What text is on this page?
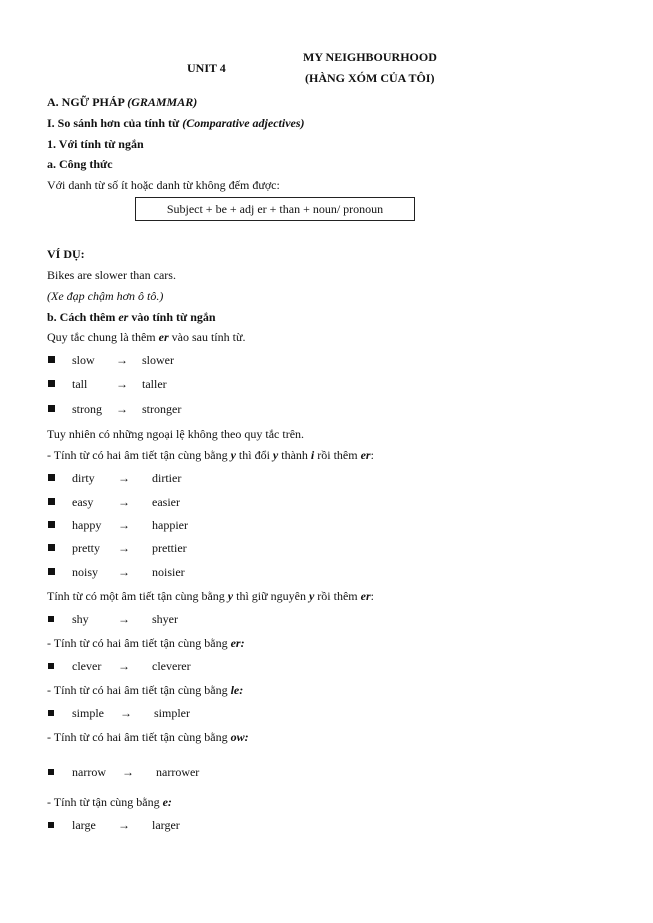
UNIT 4
MY NEIGHBOURHOOD
(HÀNG XÓM CỦA TÔI)
A. NGỮ PHÁP (GRAMMAR)
I. So sánh hơn của tính từ (Comparative adjectives)
1. Với tính từ ngắn
a. Công thức
Với danh từ số ít hoặc danh từ không đếm được:
Subject + be + adj er + than + noun/ pronoun
VÍ DỤ:
Bikes are slower than cars.
(Xe đạp chậm hơn ô tô.)
b. Cách thêm er vào tính từ ngắn
Quy tắc chung là thêm er vào sau tính từ.
slow → slower
tall → taller
strong → stronger
Tuy nhiên có những ngoại lệ không theo quy tắc trên.
- Tính từ có hai âm tiết tận cùng bằng y thì đổi y thành i rồi thêm er:
dirty → dirtier
easy → easier
happy → happier
pretty → prettier
noisy → noisier
Tính từ có một âm tiết tận cùng bằng y thì giữ nguyên y rồi thêm er:
shy → shyer
- Tính từ có hai âm tiết tận cùng bằng er:
clever → cleverer
- Tính từ có hai âm tiết tận cùng bằng le:
simple → simpler
- Tính từ có hai âm tiết tận cùng bằng ow:
narrow → narrower
- Tính từ tận cùng bằng e:
large → larger
